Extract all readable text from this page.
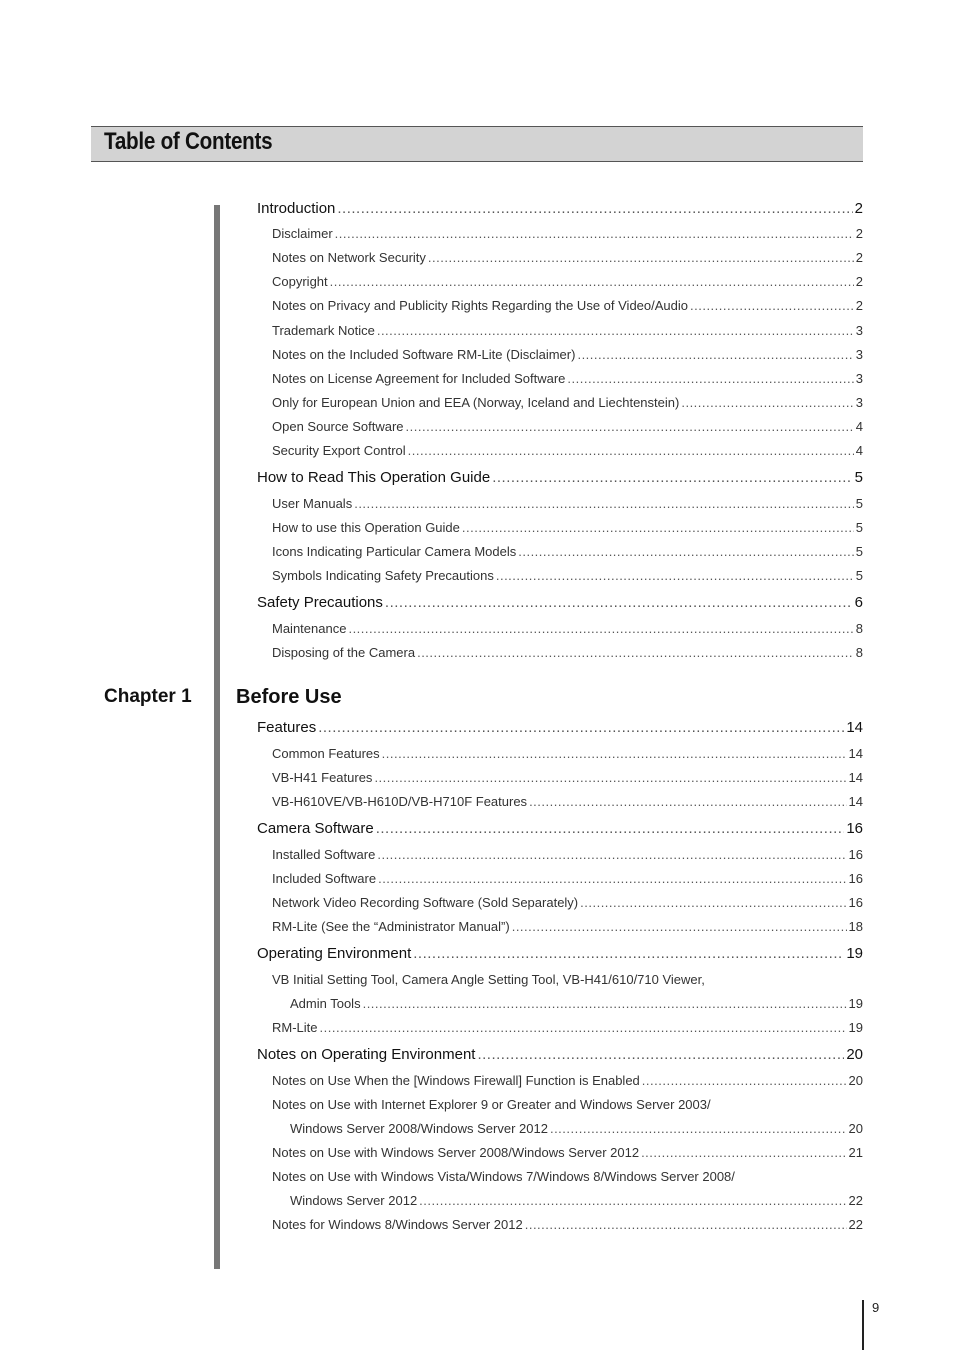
Table of Contents
Chapter 1 Before Use
Introduction .....	2
Disclaimer .....	2
Notes on Network Security .....	2
Copyright .....	2
Notes on Privacy and Publicity Rights Regarding the Use of Video/Audio .....	2
Trademark Notice .....	3
Notes on the Included Software RM-Lite (Disclaimer) .....	3
Notes on License Agreement for Included Software .....	3
Only for European Union and EEA (Norway, Iceland and Liechtenstein) .....	3
Open Source Software .....	4
Security Export Control .....	4
How to Read This Operation Guide .....	5
User Manuals .....	5
How to use this Operation Guide .....	5
Icons Indicating Particular Camera Models .....	5
Symbols Indicating Safety Precautions .....	5
Safety Precautions .....	6
Maintenance .....	8
Disposing of the Camera .....	8
Features .....	14
Common Features .....	14
VB-H41 Features .....	14
VB-H610VE/VB-H610D/VB-H710F Features .....	14
Camera Software .....	16
Installed Software .....	16
Included Software .....	16
Network Video Recording Software (Sold Separately) .....	16
RM-Lite (See the “Administrator Manual”) .....	18
Operating Environment .....	19
VB Initial Setting Tool, Camera Angle Setting Tool, VB-H41/610/710 Viewer,
Admin Tools .....	19
RM-Lite .....	19
Notes on Operating Environment .....	20
Notes on Use When the [Windows Firewall] Function is Enabled .....	20
Notes on Use with Internet Explorer 9 or Greater and Windows Server 2003/
Windows Server 2008/Windows Server 2012 .....	20
Notes on Use with Windows Server 2008/Windows Server 2012 .....	21
Notes on Use with Windows Vista/Windows 7/Windows 8/Windows Server 2008/
Windows Server 2012 .....	22
Notes for Windows 8/Windows Server 2012 .....	22
9
